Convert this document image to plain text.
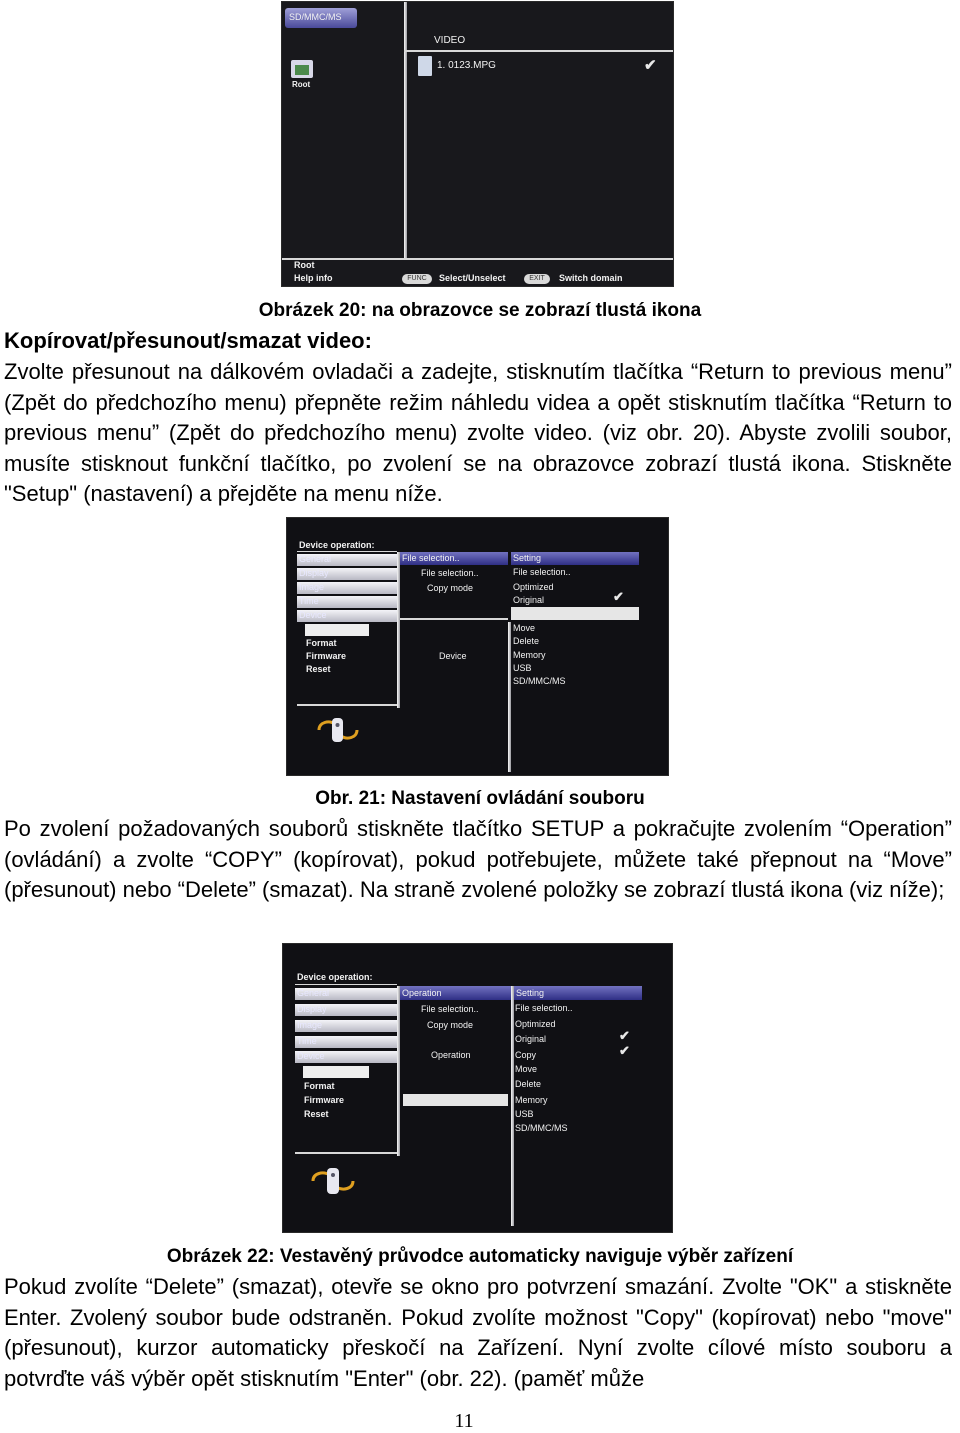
SD/MMC/MS
Root
VIDEO
1. 0123.MPG	✔
Root
Help info	FUNC	Select/Unselect	EXIT	Switch domain
Obrázek 20: na obrazovce se zobrazí tlustá ikona
Kopírovat/přesunout/smazat video:
Zvolte přesunout na dálkovém ovladači a zadejte, stisknutím tlačítka “Return to previous menu” (Zpět do předchozího menu) přepněte režim náhledu videa a opět stisknutím tlačítka “Return to previous menu” (Zpět do předchozího menu) zvolte video. (viz obr. 20). Abyste zvolili soubor, musíte stisknout funkční tlačítko, po zvolení se na obrazovce zobrazí tlustá ikona. Stiskněte "Setup" (nastavení) a přejděte na menu níže.
Device operation:
General
Display
Image
Time
Device
Format
Firmware
Reset
File selection..
File selection..
Copy mode
Device
Setting
File selection..
Optimized
Original	✔
Move
Delete
Memory
USB
SD/MMC/MS
Obr. 21: Nastavení ovládání souboru
Po zvolení požadovaných souborů stiskněte tlačítko SETUP a pokračujte zvolením “Operation” (ovládání) a zvolte “COPY” (kopírovat), pokud potřebujete, můžete také přepnout na “Move” (přesunout) nebo “Delete” (smazat). Na straně zvolené položky se zobrazí tlustá ikona (viz níže);
Device operation:
General
Display
Image
Time
Device
Format
Firmware
Reset
Operation
File selection..
Copy mode
Operation
Setting
File selection..
Optimized
Original
Copy
Move
Delete
Memory
USB
SD/MMC/MS
✔
✔
Obrázek 22: Vestavěný průvodce automaticky naviguje výběr zařízení
Pokud zvolíte “Delete” (smazat), otevře se okno pro potvrzení smazání. Zvolte "OK" a stiskněte Enter. Zvolený soubor bude odstraněn. Pokud zvolíte možnost "Copy" (kopírovat) nebo "move" (přesunout), kurzor automaticky přeskočí na Zařízení. Nyní zvolte cílové místo souboru a potvrďte váš výběr opět stisknutím "Enter" (obr. 22). (paměť může
11
